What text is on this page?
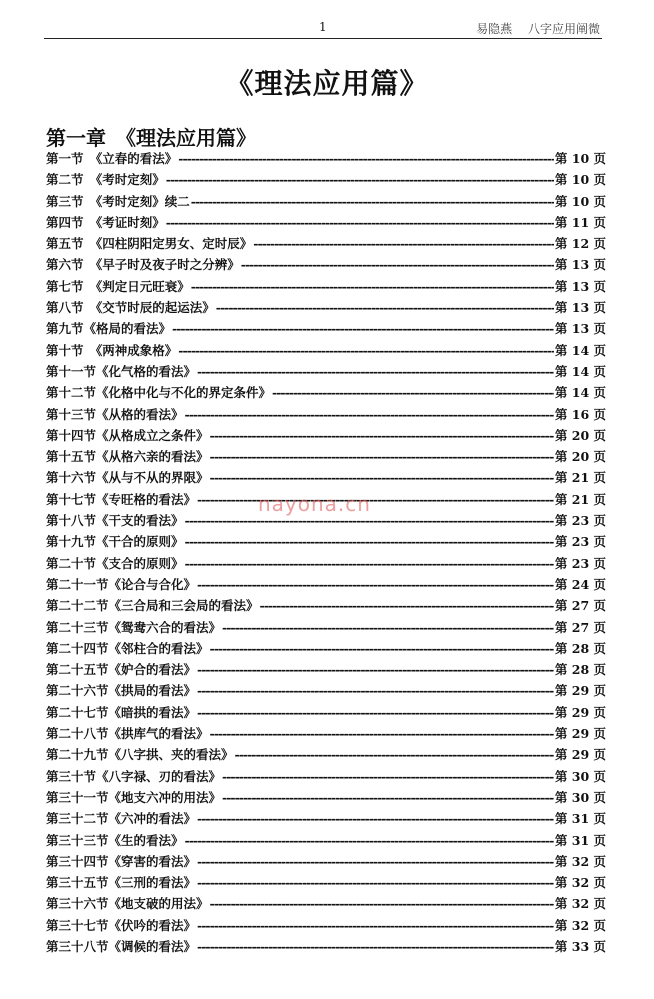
1	易隐燕　 八字应用阐微
《理法应用篇》
第一章　《理法应用篇》
第一节　《立春的看法》 -----	第 10 页
第二节　《考时定刻》 -----	第 10 页
第三节　《考时定刻》续二 -----	第 10 页
第四节　《考证时刻》 -----	第 11 页
第五节　《四柱阴阳定男女、定时辰》 -----	第 12 页
第六节　《早子时及夜子时之分辨》 -----	第 13 页
第七节　《判定日元旺衰》 -----	第 13 页
第八节　《交节时辰的起运法》 -----	第 13 页
第九节《格局的看法》 -----	第 13 页
第十节　《两神成象格》 -----	第 14 页
第十一节《化气格的看法》 -----	第 14 页
第十二节《化格中化与不化的界定条件》 -----	第 14 页
第十三节《从格的看法》 -----	第 16 页
第十四节《从格成立之条件》 -----	第 20 页
第十五节《从格六亲的看法》 -----	第 20 页
第十六节《从与不从的界限》 -----	第 21 页
第十七节《专旺格的看法》 -----	第 21 页
第十八节《干支的看法》 -----	第 23 页
第十九节《干合的原则》 -----	第 23 页
第二十节《支合的原则》 -----	第 23 页
第二十一节《论合与合化》 -----	第 24 页
第二十二节《三合局和三会局的看法》 -----	第 27 页
第二十三节《鸳鸯六合的看法》 -----	第 27 页
第二十四节《邻柱合的看法》 -----	第 28 页
第二十五节《妒合的看法》 -----	第 28 页
第二十六节《拱局的看法》 -----	第 29 页
第二十七节《暗拱的看法》 -----	第 29 页
第二十八节《拱库气的看法》 -----	第 29 页
第二十九节《八字拱、夹的看法》 -----	第 29 页
第三十节《八字禄、刃的看法》 -----	第 30 页
第三十一节《地支六冲的用法》 -----	第 30 页
第三十二节《六冲的看法》 -----	第 31 页
第三十三节《生的看法》 -----	第 31 页
第三十四节《穿害的看法》 -----	第 32 页
第三十五节《三刑的看法》 -----	第 32 页
第三十六节《地支破的用法》 -----	第 32 页
第三十七节《伏吟的看法》 -----	第 32 页
第三十八节《调候的看法》 -----	第 33 页
nayona.cn
